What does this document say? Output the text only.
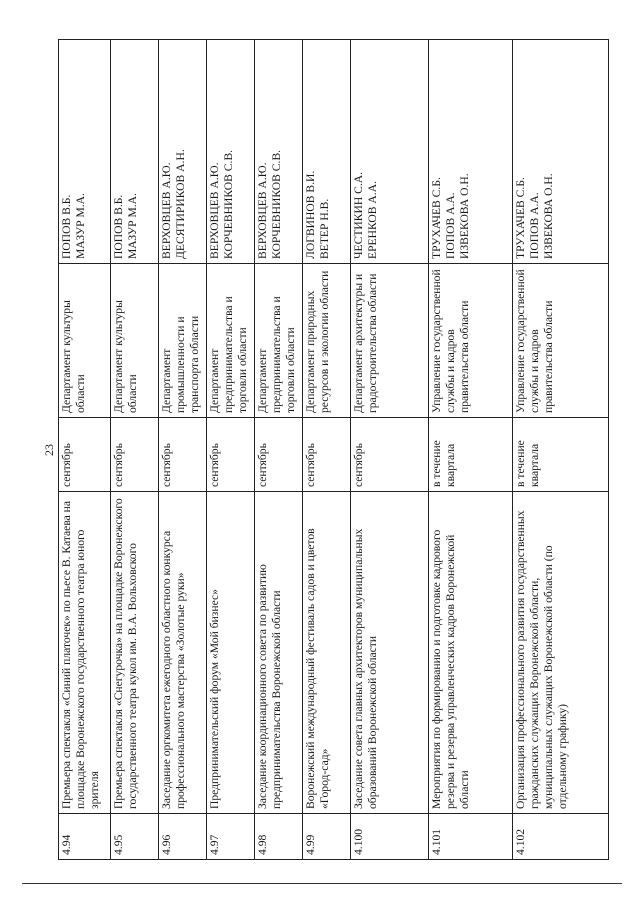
23
4.94	Премьера спектакля «Синий платочек» по пьесе В. Катаева на площадке Воронежского государственного театра юного зрителя	сентябрь	Департамент культуры области	ПОПОВ В.Б.
МАЗУР М.А.
4.95	Премьера спектакля «Снегурочка» на площадке Воронежского государственного театра кукол им. В.А. Вольховского	сентябрь	Департамент культуры области	ПОПОВ В.Б.
МАЗУР М.А.
4.96	Заседание оргкомитета ежегодного областного конкурса профессионального мастерства «Золотые руки»	сентябрь	Департамент промышленности и транспорта области	ВЕРХОВЦЕВ А.Ю.
ДЕСЯТИРИКОВ А.Н.
4.97	Предпринимательский форум «Мой бизнес»	сентябрь	Департамент предпринимательства и торговли области	ВЕРХОВЦЕВ А.Ю.
КОРЧЕВНИКОВ С.В.
4.98	Заседание координационного совета по развитию предпринимательства Воронежской области	сентябрь	Департамент предпринимательства и торговли области	ВЕРХОВЦЕВ А.Ю.
КОРЧЕВНИКОВ С.В.
4.99	Воронежский международный фестиваль садов и цветов «Город-сад»	сентябрь	Департамент природных ресурсов и экологии области	ЛОГВИНОВ В.И.
ВЕТЕР Н.В.
4.100	Заседание совета главных архитекторов муниципальных образований Воронежской области	сентябрь	Департамент архитектуры и градостроительства области	ЧЕСТИКИН С.А.
ЕРЕНКОВ А.А.
4.101	Мероприятия по формированию и подготовке кадрового резерва и резерва управленческих кадров Воронежской области	в течение квартала	Управление государственной службы и кадров правительства области	ТРУХАЧЕВ С.Б.
ПОПОВ А.А.
ИЗВЕКОВА О.Н.
4.102	Организация профессионального развития государственных гражданских служащих Воронежской области, муниципальных служащих Воронежской области (по отдельному графику)	в течение квартала	Управление государственной службы и кадров правительства области	ТРУХАЧЕВ С.Б.
ПОПОВ А.А.
ИЗВЕКОВА О.Н.
